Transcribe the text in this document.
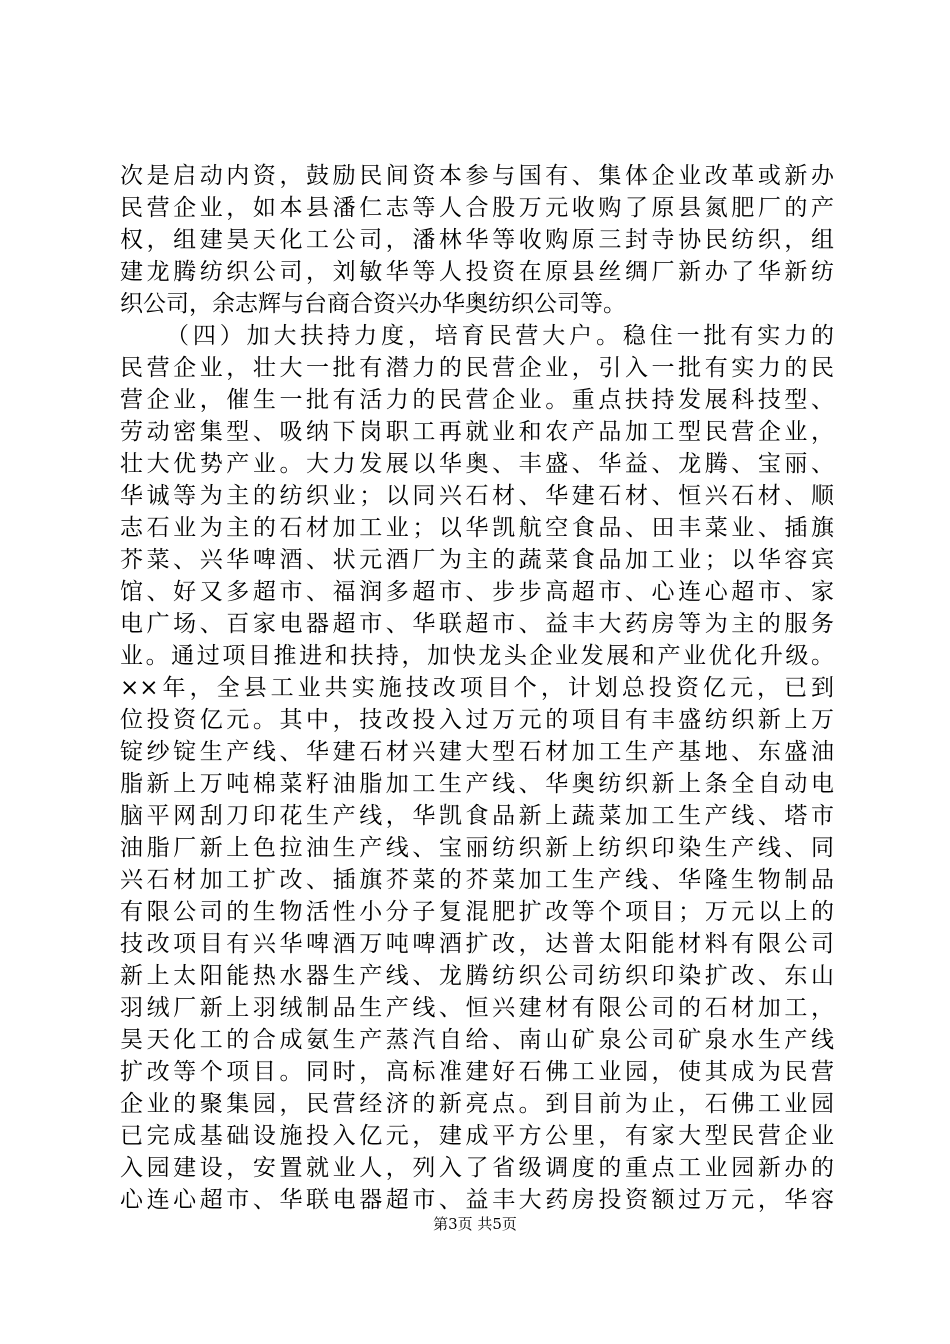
次是启动内资，鼓励民间资本参与国有、集体企业改革或新办
民营企业，如本县潘仁志等人合股万元收购了原县氮肥厂的产
权，组建昊天化工公司，潘林华等收购原三封寺协民纺织，组
建龙腾纺织公司，刘敏华等人投资在原县丝绸厂新办了华新纺
织公司，余志辉与台商合资兴办华奥纺织公司等。
（四）加大扶持力度，培育民营大户。稳住一批有实力的
民营企业，壮大一批有潜力的民营企业，引入一批有实力的民
营企业，催生一批有活力的民营企业。重点扶持发展科技型、
劳动密集型、吸纳下岗职工再就业和农产品加工型民营企业，
壮大优势产业。大力发展以华奥、丰盛、华益、龙腾、宝丽、
华诚等为主的纺织业；以同兴石材、华建石材、恒兴石材、顺
志石业为主的石材加工业；以华凯航空食品、田丰菜业、插旗
芥菜、兴华啤酒、状元酒厂为主的蔬菜食品加工业；以华容宾
馆、好又多超市、福润多超市、步步高超市、心连心超市、家
电广场、百家电器超市、华联超市、益丰大药房等为主的服务
业。通过项目推进和扶持，加快龙头企业发展和产业优化升级。
××年，全县工业共实施技改项目个，计划总投资亿元，已到
位投资亿元。其中，技改投入过万元的项目有丰盛纺织新上万
锭纱锭生产线、华建石材兴建大型石材加工生产基地、东盛油
脂新上万吨棉菜籽油脂加工生产线、华奥纺织新上条全自动电
脑平网刮刀印花生产线，华凯食品新上蔬菜加工生产线、塔市
油脂厂新上色拉油生产线、宝丽纺织新上纺织印染生产线、同
兴石材加工扩改、插旗芥菜的芥菜加工生产线、华隆生物制品
有限公司的生物活性小分子复混肥扩改等个项目；万元以上的
技改项目有兴华啤酒万吨啤酒扩改，达普太阳能材料有限公司
新上太阳能热水器生产线、龙腾纺织公司纺织印染扩改、东山
羽绒厂新上羽绒制品生产线、恒兴建材有限公司的石材加工，
昊天化工的合成氨生产蒸汽自给、南山矿泉公司矿泉水生产线
扩改等个项目。同时，高标准建好石佛工业园，使其成为民营
企业的聚集园，民营经济的新亮点。到目前为止，石佛工业园
已完成基础设施投入亿元，建成平方公里，有家大型民营企业
入园建设，安置就业人，列入了省级调度的重点工业园新办的
心连心超市、华联电器超市、益丰大药房投资额过万元，华容
第3页 共5页
